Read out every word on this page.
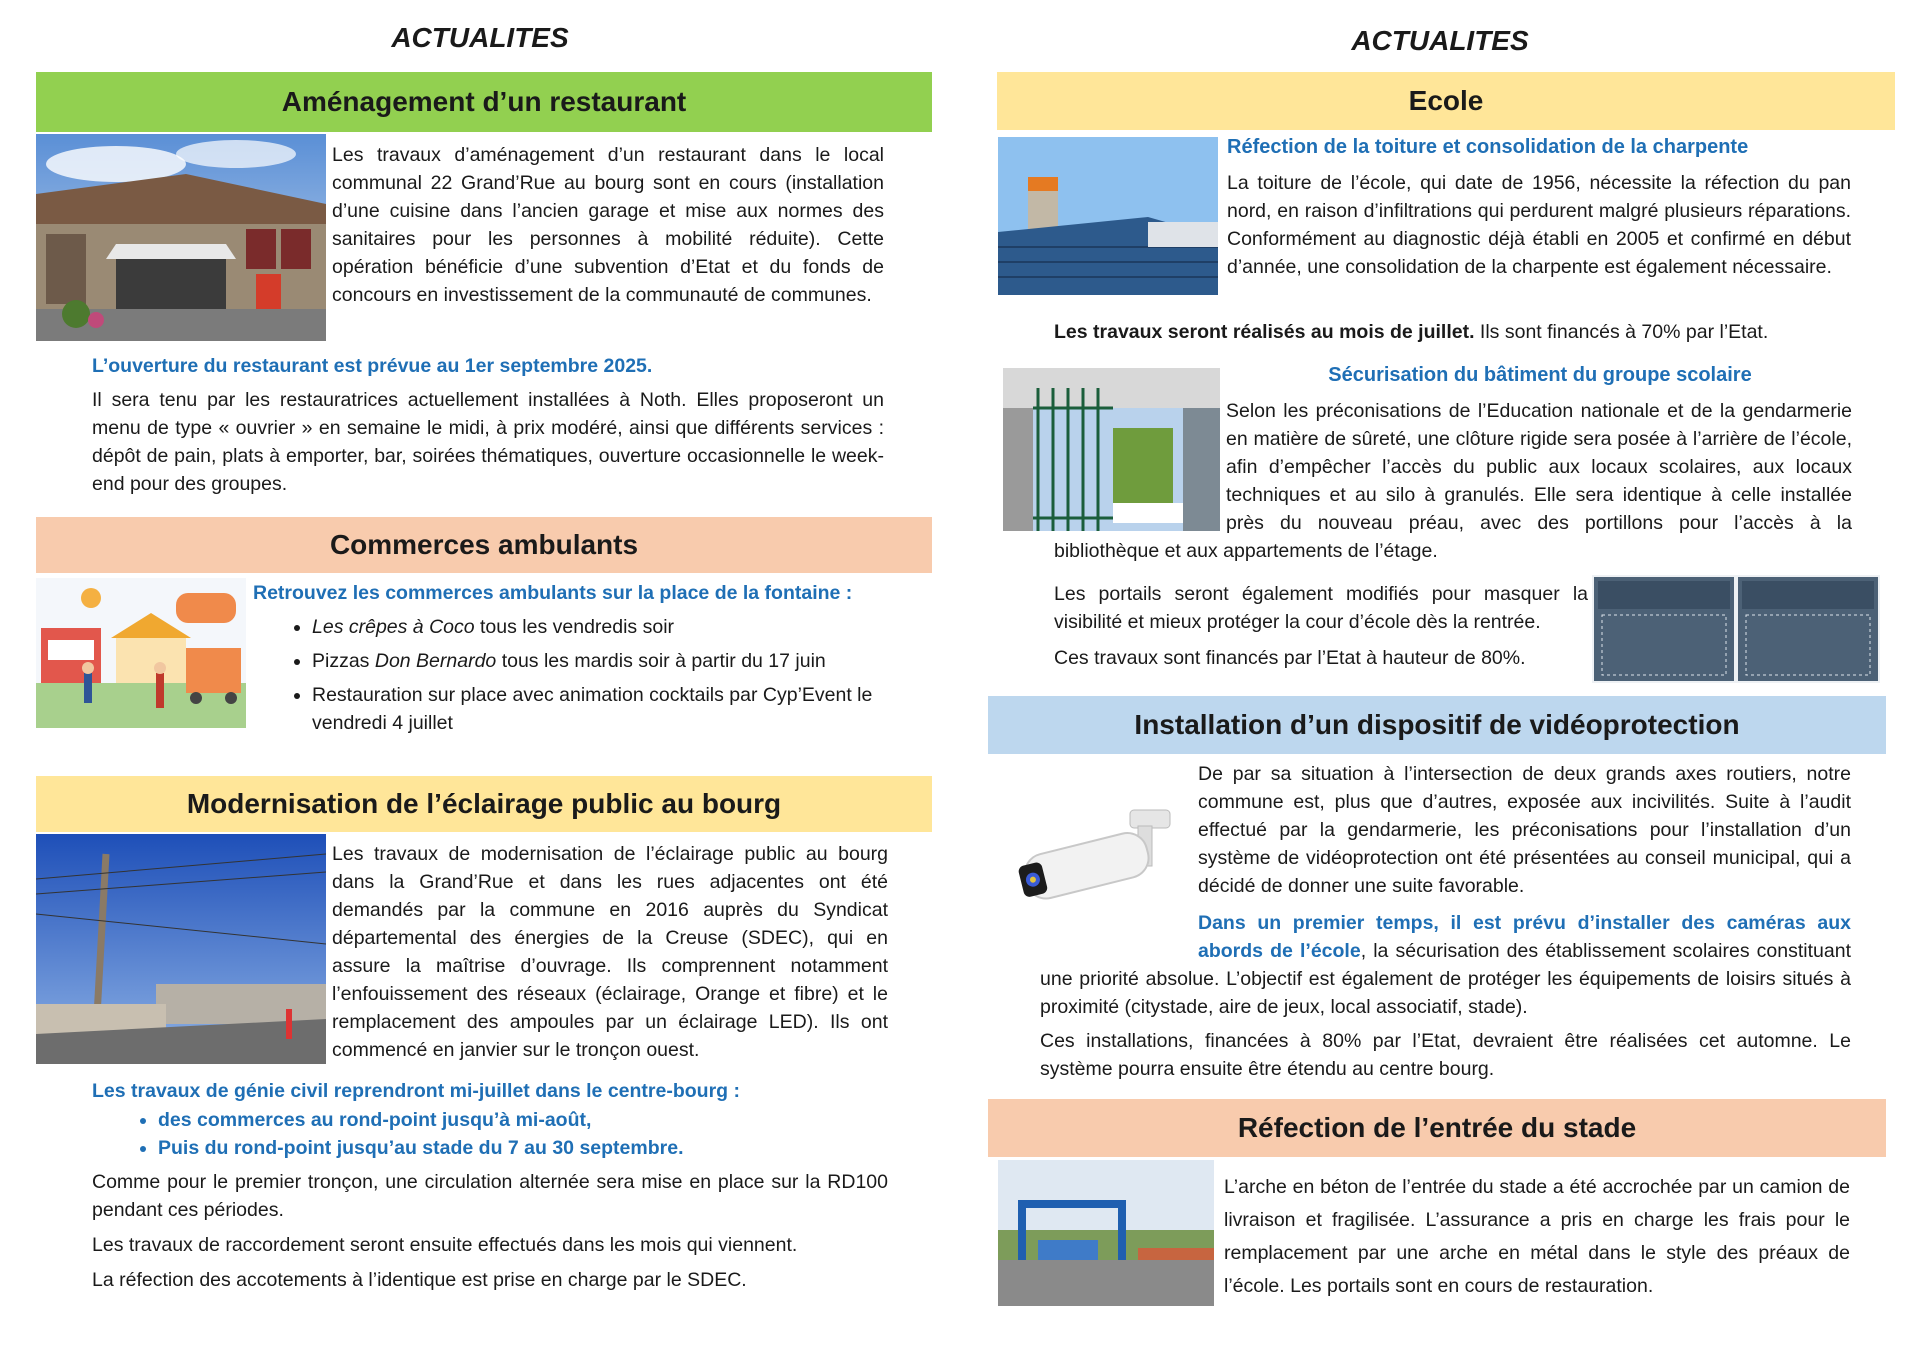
ACTUALITES
Aménagement d’un restaurant
Les travaux d’aménagement d’un restaurant dans le local communal 22 Grand’Rue au bourg sont en cours (installation d’une cuisine dans l’ancien garage et mise aux normes des sanitaires pour les personnes à mobilité réduite). Cette opération bénéficie d’une subvention d’Etat et du fonds de concours en investissement de la communauté de communes.
L’ouverture du restaurant est prévue au 1er septembre 2025.
Il sera tenu par les restauratrices actuellement installées à Noth. Elles proposeront un menu de type « ouvrier » en semaine le midi, à prix modéré, ainsi que différents services : dépôt de pain, plats à emporter, bar, soirées thématiques, ouverture occasionnelle le week-end pour des groupes.
Commerces ambulants
Retrouvez les commerces ambulants sur la place de la fontaine :
• Les crêpes à Coco tous les vendredis soir
• Pizzas Don Bernardo tous les mardis soir à partir du 17 juin
• Restauration sur place avec animation cocktails par Cyp’Event le vendredi 4 juillet
Modernisation de l’éclairage public au bourg
Les travaux de modernisation de l’éclairage public au bourg dans la Grand’Rue et dans les rues adjacentes ont été demandés par la commune en 2016 auprès du Syndicat départemental des énergies de la Creuse (SDEC), qui en assure la maîtrise d’ouvrage. Ils comprennent notamment l’enfouissement des réseaux (éclairage, Orange et fibre) et le remplacement des ampoules par un éclairage LED). Ils ont commencé en janvier sur le tronçon ouest.
Les travaux de génie civil reprendront mi-juillet dans le centre-bourg :
• des commerces au rond-point jusqu’à mi-août,
• Puis du rond-point jusqu’au stade du 7 au 30 septembre.
Comme pour le premier tronçon, une circulation alternée sera mise en place sur la RD100 pendant ces périodes.
Les travaux de raccordement seront ensuite effectués dans les mois qui viennent.
La réfection des accotements à l’identique est prise en charge par le SDEC.
ACTUALITES
Ecole
Réfection de la toiture et consolidation de la charpente
La toiture de l’école, qui date de 1956, nécessite la réfection du pan nord, en raison d’infiltrations qui perdurent malgré plusieurs réparations. Conformément au diagnostic déjà établi en 2005 et confirmé en début d’année, une consolidation de la charpente est également nécessaire.
Les travaux seront réalisés au mois de juillet. Ils sont financés à 70% par l’Etat.
Sécurisation du bâtiment du groupe scolaire
Selon les préconisations de l’Education nationale et de la gendarmerie en matière de sûreté, une clôture rigide sera posée à l’arrière de l’école, afin d’empêcher l’accès du public aux locaux scolaires, aux locaux techniques et au silo à granulés. Elle sera identique à celle installée près du nouveau préau, avec des portillons pour l’accès à la bibliothèque et aux appartements de l’étage.
Les portails seront également modifiés pour masquer la visibilité et mieux protéger la cour d’école dès la rentrée.
Ces travaux sont financés par l’Etat à hauteur de 80%.
Installation d’un dispositif de vidéoprotection
De par sa situation à l’intersection de deux grands axes routiers, notre commune est, plus que d’autres, exposée aux incivilités. Suite à l’audit effectué par la gendarmerie, les préconisations pour l’installation d’un système de vidéoprotection ont été présentées au conseil municipal, qui a décidé de donner une suite favorable.
Dans un premier temps, il est prévu d’installer des caméras aux abords de l’école, la sécurisation des établissement scolaires constituant une priorité absolue. L’objectif est également de protéger les équipements de loisirs situés à proximité (citystade, aire de jeux, local associatif, stade).
Ces installations, financées à 80% par l’Etat, devraient être réalisées cet automne. Le système pourra ensuite être étendu au centre bourg.
Réfection de l’entrée du stade
L’arche en béton de l’entrée du stade a été accrochée par un camion de livraison et fragilisée. L’assurance a pris en charge les frais pour le remplacement par une arche en métal dans le style des préaux de l’école. Les portails sont en cours de restauration.
